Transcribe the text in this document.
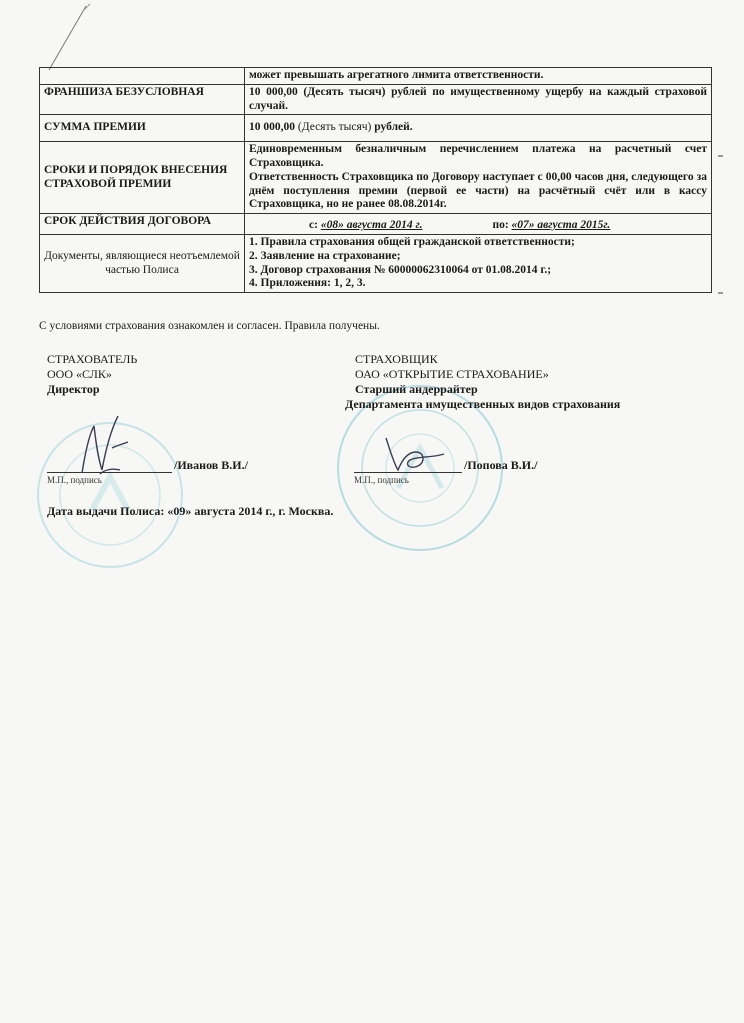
	может превышать агрегатного лимита ответственности.
ФРАНШИЗА БЕЗУСЛОВНАЯ	10 000,00 (Десять тысяч) рублей по имущественному ущербу на каждый страховой случай.
СУММА ПРЕМИИ	10 000,00 (Десять тысяч) рублей.
СРОКИ И ПОРЯДОК ВНЕСЕНИЯ СТРАХОВОЙ ПРЕМИИ	Единовременным безналичным перечислением платежа на расчетный счет Страховщика.
Ответственность Страховщика по Договору наступает с 00,00 часов дня, следующего за днём поступления премии (первой ее части) на расчётный счёт или в кассу Страховщика, но не ранее 08.08.2014г.

СРОК ДЕЙСТВИЯ ДОГОВОРА	с: «08» августа 2014 г. по: «07» августа 2015г.

Документы, являющиеся неотъемлемой частью Полиса	1. Правила страхования общей гражданской ответственности;
2. Заявление на страхование;
3. Договор страхования № 60000062310064 от 01.08.2014 г.;
4. Приложения: 1, 2, 3.
С условиями страхования ознакомлен и согласен. Правила получены.
СТРАХОВАТЕЛЬ
ООО «СЛК»
Директор
СТРАХОВЩИК
ОАО «ОТКРЫТИЕ СТРАХОВАНИЕ»
Старший андеррайтер
Департамента имущественных видов страхования
/Иванов В.И./	/Попова В.И./
М.П., подпись	М.П., подпись
Дата выдачи Полиса: «09» августа 2014 г., г. Москва.
